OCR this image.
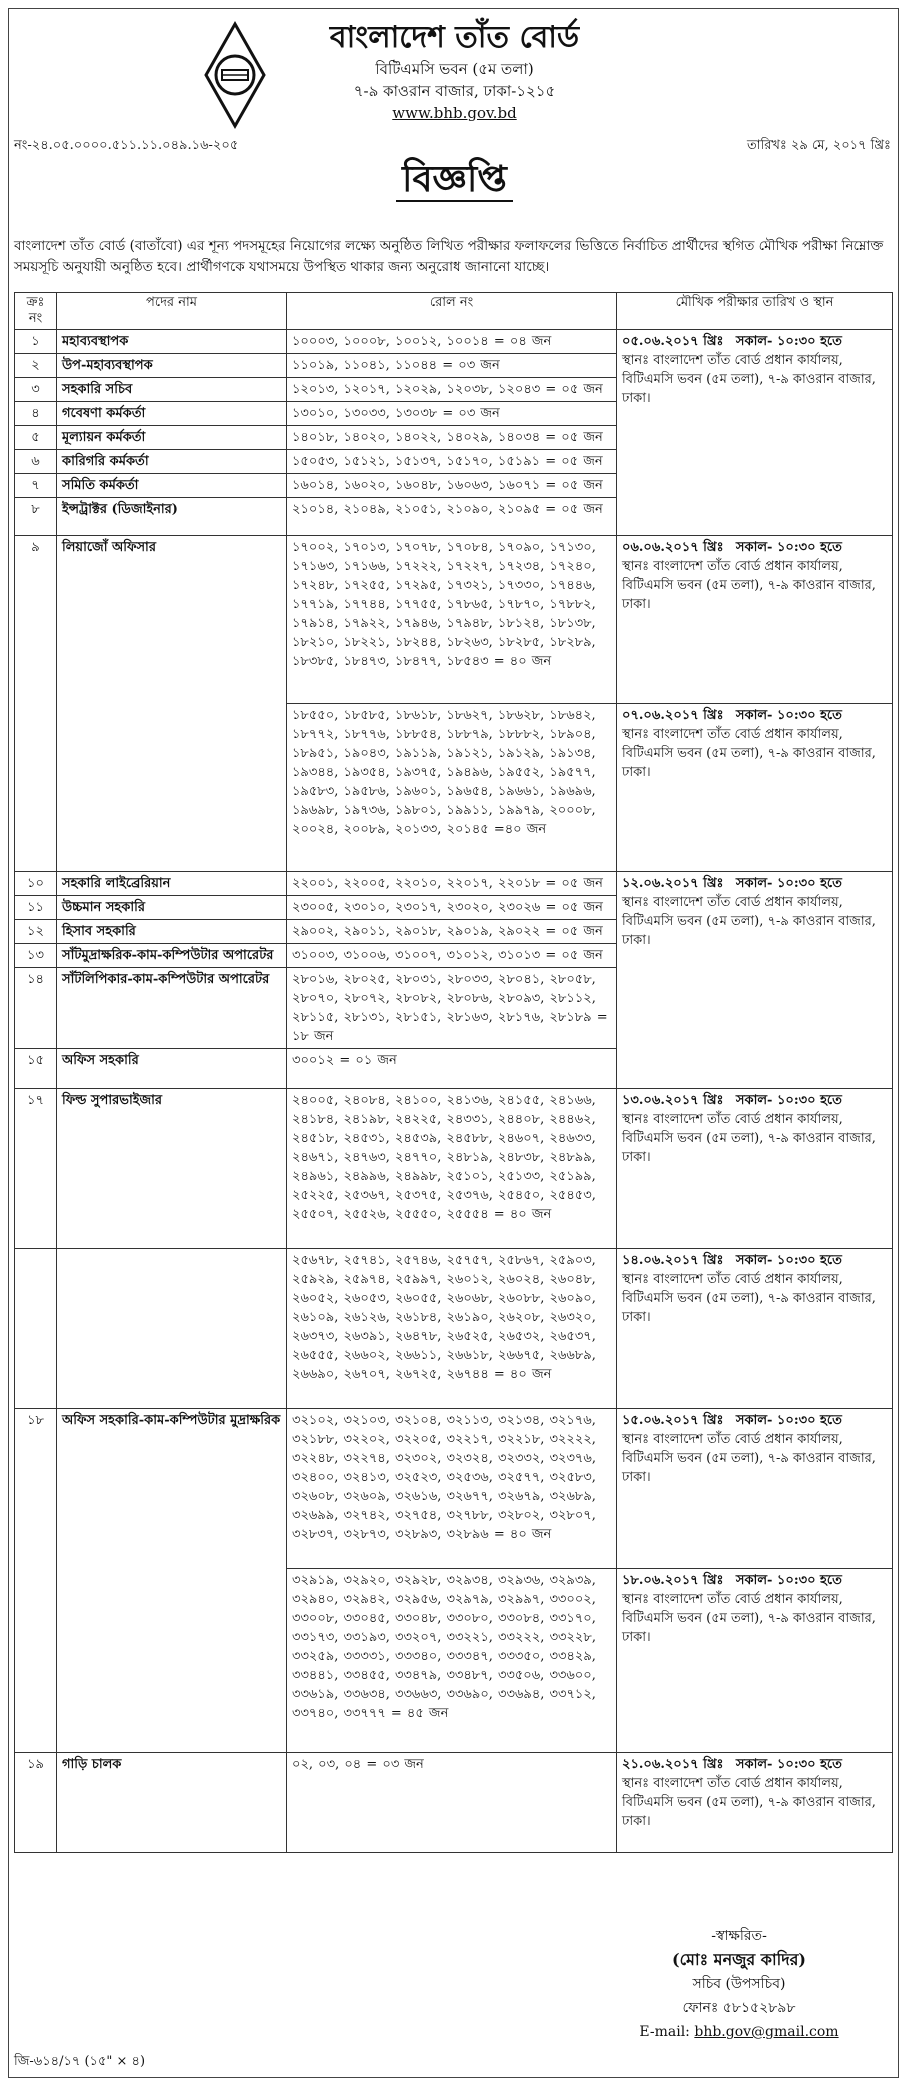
বাংলাদেশ তাঁত বোর্ড
বিটিএমসি ভবন (৫ম তলা)
৭-৯ কাওরান বাজার, ঢাকা-১২১৫
www.bhb.gov.bd
নং-২৪.০৫.০০০০.৫১১.১১.০৪৯.১৬-২০৫	তারিখঃ ২৯ মে, ২০১৭ খ্রিঃ
বিজ্ঞপ্তি
বাংলাদেশ তাঁত বোর্ড (বাতাঁবো) এর শূন্য পদসমূহের নিয়োগের লক্ষ্যে অনুষ্ঠিত লিখিত পরীক্ষার ফলাফলের ভিত্তিতে নির্বাচিত প্রার্থীদের স্থগিত মৌখিক পরীক্ষা নিম্নোক্ত সময়সূচি অনুযায়ী অনুষ্ঠিত হবে। প্রার্থীগণকে যথাসময়ে উপস্থিত থাকার জন্য অনুরোধ জানানো যাচ্ছে।
ক্রঃ নং	পদের নাম	রোল নং	মৌখিক পরীক্ষার তারিখ ও স্থান
১	মহাব্যবস্থাপক	১০০০৩, ১০০০৮, ১০০১২, ১০০১৪ = ০৪ জন	০৫.০৬.২০১৭ খ্রিঃ সকাল- ১০:৩০ হতে
স্থানঃ বাংলাদেশ তাঁত বোর্ড প্রধান কার্যালয়, বিটিএমসি ভবন (৫ম তলা), ৭-৯ কাওরান বাজার, ঢাকা।

২	উপ-মহাব্যবস্থাপক	১১০১৯, ১১০৪১, ১১০৪৪ = ০৩ জন	
৩	সহকারি সচিব	১২০১৩, ১২০১৭, ১২০২৯, ১২০৩৮, ১২০৪৩ = ০৫ জন	
৪	গবেষণা কর্মকর্তা	১৩০১০, ১৩০৩৩, ১৩০৩৮ = ০৩ জন	
৫	মূল্যায়ন কর্মকর্তা	১৪০১৮, ১৪০২০, ১৪০২২, ১৪০২৯, ১৪০৩৪ = ০৫ জন	
৬	কারিগরি কর্মকর্তা	১৫০৫৩, ১৫১২১, ১৫১৩৭, ১৫১৭০, ১৫১৯১ = ০৫ জন	
৭	সমিতি কর্মকর্তা	১৬০১৪, ১৬০২০, ১৬০৪৮, ১৬০৬৩, ১৬০৭১ = ০৫ জন	
৮	ইন্সট্রাক্টর (ডিজাইনার)	২১০১৪, ২১০৪৯, ২১০৫১, ২১০৯০, ২১০৯৫ = ০৫ জন	
৯	লিয়াজোঁ অফিসার	১৭০০২, ১৭০১৩, ১৭০৭৮, ১৭০৮৪, ১৭০৯০, ১৭১৩০, ১৭১৬৩, ১৭১৬৬, ১৭২২২, ১৭২২৭, ১৭২৩৪, ১৭২৪০, ১৭২৪৮, ১৭২৫৫, ১৭২৯৫, ১৭৩২১, ১৭৩৩০, ১৭৪৪৬, ১৭৭১৯, ১৭৭৪৪, ১৭৭৫৫, ১৭৮৬৫, ১৭৮৭০, ১৭৮৮২, ১৭৯১৪, ১৭৯২২, ১৭৯৪৬, ১৭৯৪৮, ১৮১২৪, ১৮১৩৮, ১৮২১০, ১৮২২১, ১৮২৪৪, ১৮২৬৩, ১৮২৮৫, ১৮২৮৯, ১৮৩৮৫, ১৮৪৭৩, ১৮৪৭৭, ১৮৫৪৩ = ৪০ জন	০৬.০৬.২০১৭ খ্রিঃ সকাল- ১০:৩০ হতে
স্থানঃ বাংলাদেশ তাঁত বোর্ড প্রধান কার্যালয়, বিটিএমসি ভবন (৫ম তলা), ৭-৯ কাওরান বাজার, ঢাকা।

		১৮৫৫০, ১৮৫৮৫, ১৮৬১৮, ১৮৬২৭, ১৮৬২৮, ১৮৬৪২, ১৮৭৭২, ১৮৭৭৬, ১৮৮৫৪, ১৮৮৭৯, ১৮৮৮২, ১৮৯০৪, ১৮৯৫১, ১৯০৪৩, ১৯১১৯, ১৯১২১, ১৯১২৯, ১৯১৩৪, ১৯৩৪৪, ১৯৩৫৪, ১৯৩৭৫, ১৯৪৯৬, ১৯৫৫২, ১৯৫৭৭, ১৯৫৮৩, ১৯৫৮৬, ১৯৬০১, ১৯৬৫৪, ১৯৬৬১, ১৯৬৯৬, ১৯৬৯৮, ১৯৭৩৬, ১৯৮০১, ১৯৯১১, ১৯৯৭৯, ২০০০৮, ২০০২৪, ২০০৮৯, ২০১৩৩, ২০১৪৫ =৪০ জন	০৭.০৬.২০১৭ খ্রিঃ সকাল- ১০:৩০ হতে
স্থানঃ বাংলাদেশ তাঁত বোর্ড প্রধান কার্যালয়, বিটিএমসি ভবন (৫ম তলা), ৭-৯ কাওরান বাজার, ঢাকা।

১০	সহকারি লাইব্রেরিয়ান	২২০০১, ২২০০৫, ২২০১০, ২২০১৭, ২২০১৮ = ০৫ জন	১২.০৬.২০১৭ খ্রিঃ সকাল- ১০:৩০ হতে
স্থানঃ বাংলাদেশ তাঁত বোর্ড প্রধান কার্যালয়, বিটিএমসি ভবন (৫ম তলা), ৭-৯ কাওরান বাজার, ঢাকা।

১১	উচ্চমান সহকারি	২৩০০৫, ২৩০১০, ২৩০১৭, ২৩০২০, ২৩০২৬ = ০৫ জন	
১২	হিসাব সহকারি	২৯০০২, ২৯০১১, ২৯০১৮, ২৯০১৯, ২৯০২২ = ০৫ জন	
১৩	সাঁটমুদ্রাক্ষরিক-কাম-কম্পিউটার অপারেটর	৩১০০৩, ৩১০০৬, ৩১০০৭, ৩১০১২, ৩১০১৩ = ০৫ জন	
১৪	সাঁটলিপিকার-কাম-কম্পিউটার অপারেটর	২৮০১৬, ২৮০২৫, ২৮০৩১, ২৮০৩৩, ২৮০৪১, ২৮০৫৮, ২৮০৭০, ২৮০৭২, ২৮০৮২, ২৮০৮৬, ২৮০৯৩, ২৮১১২, ২৮১১৫, ২৮১৩১, ২৮১৫১, ২৮১৬৩, ২৮১৭৬, ২৮১৮৯ = ১৮ জন	
১৫	অফিস সহকারি	৩০০১২ = ০১ জন	
১৭	ফিল্ড সুপারভাইজার	২৪০০৫, ২৪০৮৪, ২৪১০০, ২৪১৩৬, ২৪১৫৫, ২৪১৬৬, ২৪১৮৪, ২৪১৯৮, ২৪২২৫, ২৪৩৩১, ২৪৪০৮, ২৪৪৬২, ২৪৫১৮, ২৪৫৩১, ২৪৫৩৯, ২৪৫৮৮, ২৪৬০৭, ২৪৬৩৩, ২৪৬৭১, ২৪৭৬৩, ২৪৭৭০, ২৪৮১৯, ২৪৮৩৮, ২৪৮৯৯, ২৪৯৬১, ২৪৯৯৬, ২৪৯৯৮, ২৫১০১, ২৫১৩৩, ২৫১৯৯, ২৫২২৫, ২৫৩৬৭, ২৫৩৭৫, ২৫৩৭৬, ২৫৪৫০, ২৫৪৫৩, ২৫৫০৭, ২৫৫২৬, ২৫৫৫০, ২৫৫৫৪ = ৪০ জন	১৩.০৬.২০১৭ খ্রিঃ সকাল- ১০:৩০ হতে
স্থানঃ বাংলাদেশ তাঁত বোর্ড প্রধান কার্যালয়, বিটিএমসি ভবন (৫ম তলা), ৭-৯ কাওরান বাজার, ঢাকা।

		২৫৬৭৮, ২৫৭৪১, ২৫৭৪৬, ২৫৭৫৭, ২৫৮৬৭, ২৫৯০৩, ২৫৯২৯, ২৫৯৭৪, ২৫৯৯৭, ২৬০১২, ২৬০২৪, ২৬০৪৮, ২৬০৫২, ২৬০৫৩, ২৬০৫৫, ২৬০৬৮, ২৬০৮৮, ২৬০৯০, ২৬১০৯, ২৬১২৬, ২৬১৮৪, ২৬১৯০, ২৬২০৮, ২৬৩২০, ২৬৩৭৩, ২৬৩৯১, ২৬৪৭৮, ২৬৫২৫, ২৬৫৩২, ২৬৫৩৭, ২৬৫৫৫, ২৬৬০২, ২৬৬১১, ২৬৬১৮, ২৬৬৭৫, ২৬৬৮৯, ২৬৬৯০, ২৬৭০৭, ২৬৭২৫, ২৬৭৪৪ = ৪০ জন	১৪.০৬.২০১৭ খ্রিঃ সকাল- ১০:৩০ হতে
স্থানঃ বাংলাদেশ তাঁত বোর্ড প্রধান কার্যালয়, বিটিএমসি ভবন (৫ম তলা), ৭-৯ কাওরান বাজার, ঢাকা।

১৮	অফিস সহকারি-কাম-কম্পিউটার মুদ্রাক্ষরিক	৩২১০২, ৩২১০৩, ৩২১০৪, ৩২১১৩, ৩২১৩৪, ৩২১৭৬, ৩২১৮৮, ৩২২০২, ৩২২০৫, ৩২২১৭, ৩২২১৮, ৩২২২২, ৩২২৪৮, ৩২২৭৪, ৩২৩০২, ৩২৩২৪, ৩২৩৩২, ৩২৩৭৬, ৩২৪০০, ৩২৪১৩, ৩২৫২৩, ৩২৫৩৬, ৩২৫৭৭, ৩২৫৮৩, ৩২৬০৮, ৩২৬০৯, ৩২৬১৬, ৩২৬৭৭, ৩২৬৭৯, ৩২৬৮৯, ৩২৬৯৯, ৩২৭৪২, ৩২৭৫৪, ৩২৭৮৮, ৩২৮০২, ৩২৮০৭, ৩২৮৩৭, ৩২৮৭৩, ৩২৮৯৩, ৩২৮৯৬ = ৪০ জন	১৫.০৬.২০১৭ খ্রিঃ সকাল- ১০:৩০ হতে
স্থানঃ বাংলাদেশ তাঁত বোর্ড প্রধান কার্যালয়, বিটিএমসি ভবন (৫ম তলা), ৭-৯ কাওরান বাজার, ঢাকা।

		৩২৯১৯, ৩২৯২০, ৩২৯২৮, ৩২৯৩৪, ৩২৯৩৬, ৩২৯৩৯, ৩২৯৪০, ৩২৯৪২, ৩২৯৫৬, ৩২৯৭৯, ৩২৯৯৭, ৩৩০০২, ৩৩০০৮, ৩৩০৪৫, ৩৩০৪৮, ৩৩০৮০, ৩৩০৮৪, ৩৩১৭০, ৩৩১৭৩, ৩৩১৯৩, ৩৩২০৭, ৩৩২২১, ৩৩২২২, ৩৩২২৮, ৩৩২৫৯, ৩৩৩৩১, ৩৩৩৪০, ৩৩৩৪৭, ৩৩৩৫০, ৩৩৪২৯, ৩৩৪৪১, ৩৩৪৫৫, ৩৩৪৭৯, ৩৩৪৮৭, ৩৩৫০৬, ৩৩৬০০, ৩৩৬১৯, ৩৩৬৩৪, ৩৩৬৬৩, ৩৩৬৯০, ৩৩৬৯৪, ৩৩৭১২, ৩৩৭৪০, ৩৩৭৭৭ = ৪৫ জন	১৮.০৬.২০১৭ খ্রিঃ সকাল- ১০:৩০ হতে
স্থানঃ বাংলাদেশ তাঁত বোর্ড প্রধান কার্যালয়, বিটিএমসি ভবন (৫ম তলা), ৭-৯ কাওরান বাজার, ঢাকা।

১৯	গাড়ি চালক	০২, ০৩, ০৪ = ০৩ জন	২১.০৬.২০১৭ খ্রিঃ সকাল- ১০:৩০ হতে
স্থানঃ বাংলাদেশ তাঁত বোর্ড প্রধান কার্যালয়, বিটিএমসি ভবন (৫ম তলা), ৭-৯ কাওরান বাজার, ঢাকা।
-স্বাক্ষরিত-
(মোঃ মনজুর কাদির)
সচিব (উপসচিব)
ফোনঃ ৫৮১৫২৮৯৮
E-mail: bhb.gov@gmail.com
জি-৬১৪/১৭ (১৫" × ৪)
